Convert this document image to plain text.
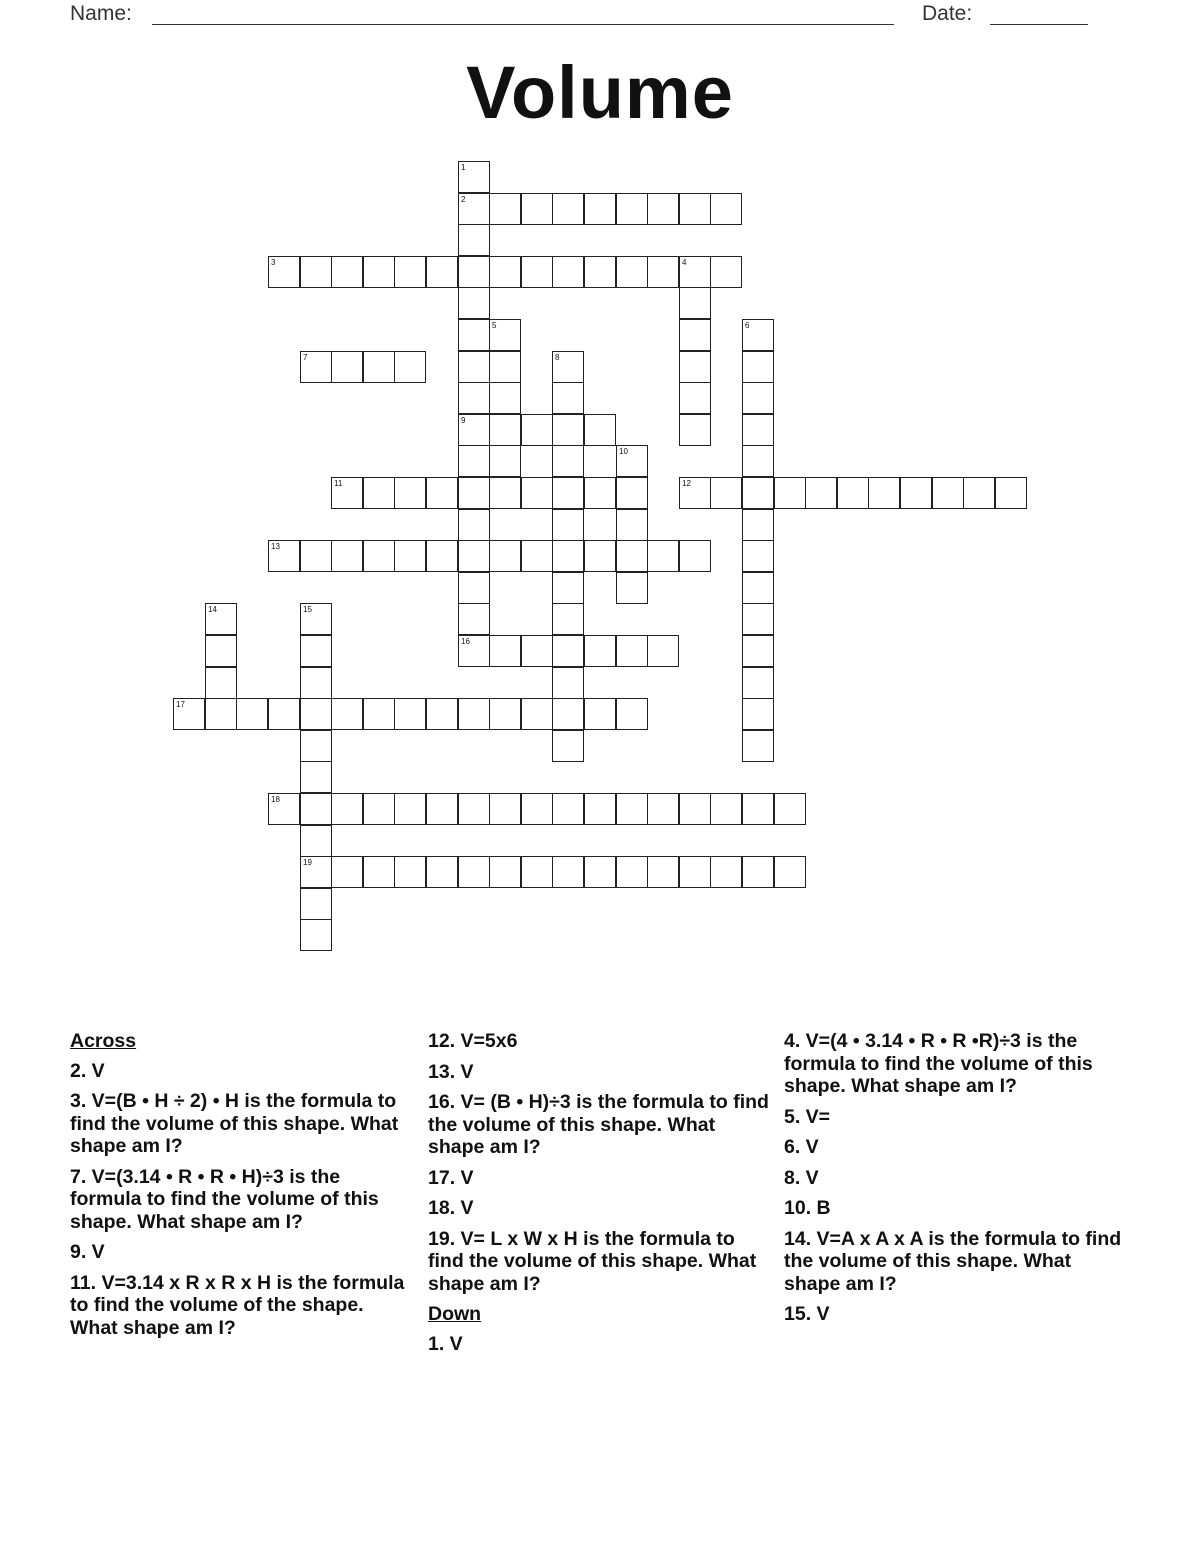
Name:	Date:
Volume
2
3	4
7
9
11	12
13
16
17
18
19
1
5	6
8
10
14	15
Across
2. V
3. V=(B • H ÷ 2) • H is the formula to find the volume of this shape. What shape am I?
7. V=(3.14 • R • R • H)÷3 is the formula to find the volume of this shape. What shape am I?
9. V
11. V=3.14 x R x R x H is the formula to find the volume of the shape. What shape am I?
12. V=5x6
13. V
16. V= (B • H)÷3 is the formula to find the volume of this shape. What shape am I?
17. V
18. V
19. V= L x W x H is the formula to find the volume of this shape. What shape am I?
Down
1. V
4. V=(4 • 3.14 • R • R •R)÷3 is the formula to find the volume of this shape. What shape am I?
5. V=
6. V
8. V
10. B
14. V=A x A x A is the formula to find the volume of this shape. What shape am I?
15. V
